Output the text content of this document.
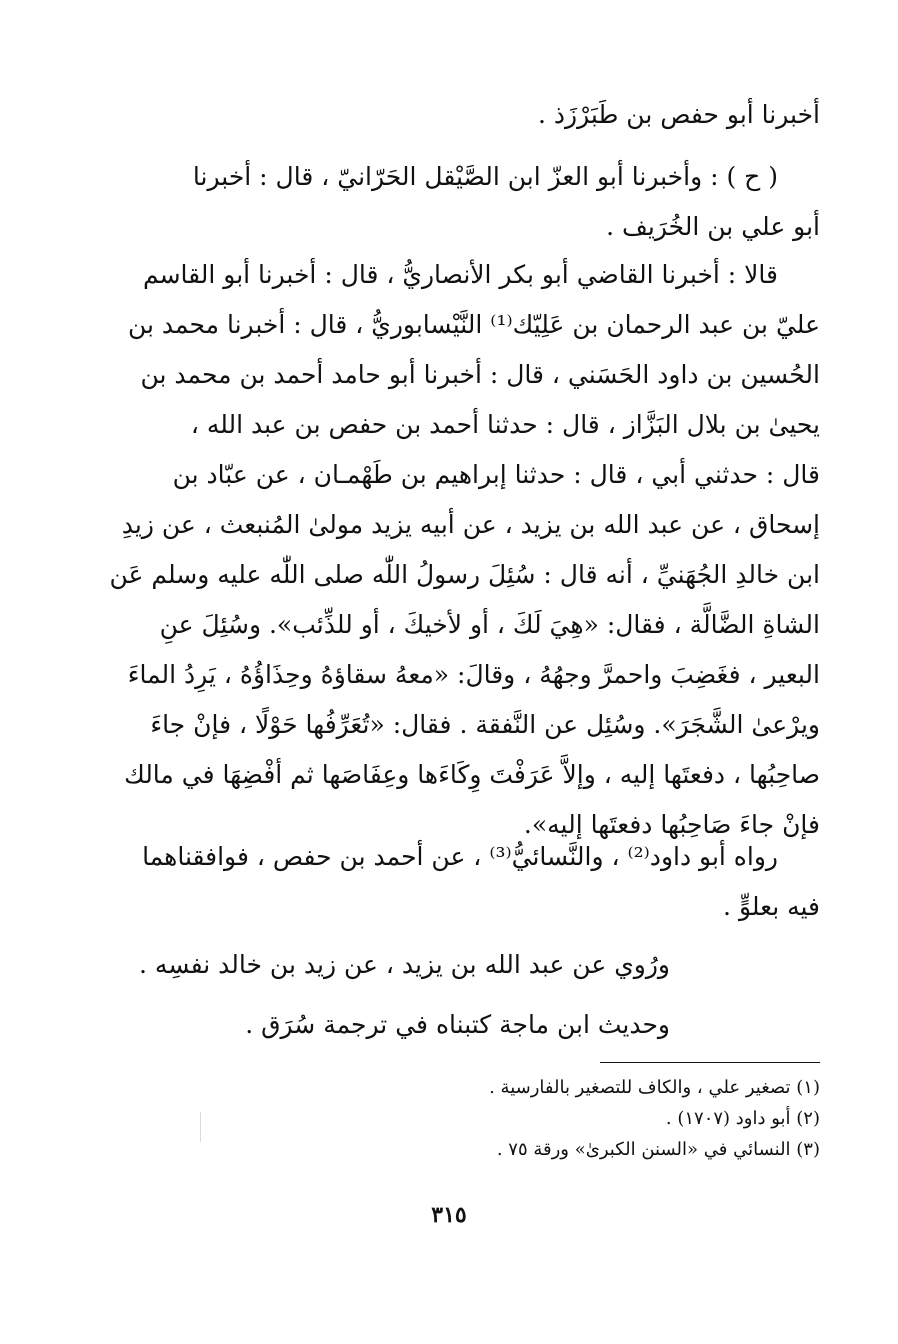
أخبرنا أبو حفص بن طَبَرْزَذ .
( ح ) : وأخبرنا أبو العزّ ابن الصَّيْقل الحَرّانيّ ، قال : أخبرنا
أبو علي بن الخُرَيف .
قالا : أخبرنا القاضي أبو بكر الأنصاريُّ ، قال : أخبرنا أبو القاسم
عليّ بن عبد الرحمان بن عَلِيّك⁽¹⁾ النَّيْسابوريُّ ، قال : أخبرنا محمد بن
الحُسين بن داود الحَسَني ، قال : أخبرنا أبو حامد أحمد بن محمد بن
يحيىٰ بن بلال البَزَّاز ، قال : حدثنا أحمد بن حفص بن عبد الله ،
قال : حدثني أبي ، قال : حدثنا إبراهيم بن طَهْمـان ، عن عبّاد بن
إسحاق ، عن عبد الله بن يزيد ، عن أبيه يزيد مولىٰ المُنبعث ، عن زيدِ
ابن خالدِ الجُهَنيِّ ، أنه قال : سُئِلَ رسولُ اللّٰه صلى اللّٰه عليه وسلم عَن
الشاةِ الضَّالَّة ، فقال: «هِيَ لَكَ ، أو لأخيكَ ، أو للذِّئب». وسُئِلَ عنِ
البعير ، فغَضِبَ واحمرَّ وجهُهُ ، وقالَ: «معهُ سقاؤهُ وحِذَاؤُهُ ، يَرِدُ الماءَ
ويرْعىٰ الشَّجَرَ». وسُئِل عن النَّفقة . فقال: «تُعَرِّفُها حَوْلًا ، فإنْ جاءَ
صاحِبُها ، دفعتَها إليه ، وإلاَّ عَرَفْتَ وِكَاءَها وعِفَاصَها ثم أفْضِهَا في مالك
فإنْ جاءَ صَاحِبُها دفعتَها إليه».
رواه أبو داود⁽²⁾ ، والنَّسائيُّ⁽³⁾ ، عن أحمد بن حفص ، فوافقناهما
فيه بعلوٍّ .
ورُوي عن عبد الله بن يزيد ، عن زيد بن خالد نفسِه .
وحديث ابن ماجة كتبناه في ترجمة سُرَق .
(١) تصغير علي ، والكاف للتصغير بالفارسية .
(٢) أبو داود (١٧٠٧) .
(٣) النسائي في «السنن الكبرىٰ» ورقة ٧٥ .
٣١٥
